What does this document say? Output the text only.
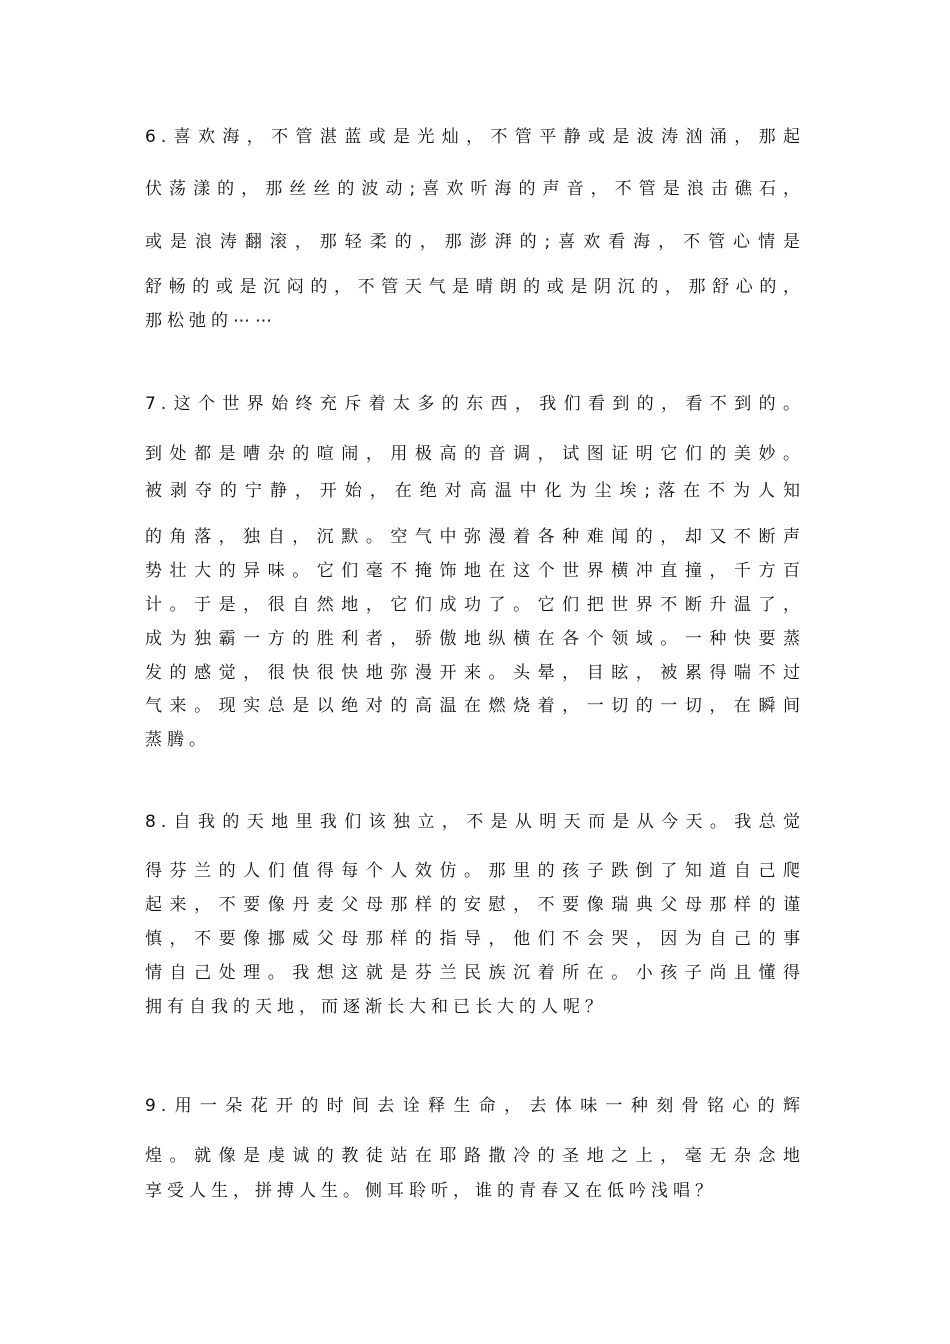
6.喜欢海，不管湛蓝或是光灿，不管平静或是波涛汹涌，那起
伏荡漾的，那丝丝的波动;喜欢听海的声音，不管是浪击礁石，
或是浪涛翻滚，那轻柔的，那澎湃的;喜欢看海，不管心情是
舒畅的或是沉闷的，不管天气是晴朗的或是阴沉的，那舒心的，
那松弛的⋯⋯
7.这个世界始终充斥着太多的东西，我们看到的，看不到的。
到处都是嘈杂的喧闹，用极高的音调，试图证明它们的美妙。
被剥夺的宁静，开始，在绝对高温中化为尘埃;落在不为人知
的角落，独自，沉默。空气中弥漫着各种难闻的，却又不断声
势壮大的异味。它们毫不掩饰地在这个世界横冲直撞，千方百
计。于是，很自然地，它们成功了。它们把世界不断升温了，
成为独霸一方的胜利者，骄傲地纵横在各个领域。一种快要蒸
发的感觉，很快很快地弥漫开来。头晕，目眩，被累得喘不过
气来。现实总是以绝对的高温在燃烧着，一切的一切，在瞬间
蒸腾。
8.自我的天地里我们该独立，不是从明天而是从今天。我总觉
得芬兰的人们值得每个人效仿。那里的孩子跌倒了知道自己爬
起来，不要像丹麦父母那样的安慰，不要像瑞典父母那样的谨
慎，不要像挪威父母那样的指导，他们不会哭，因为自己的事
情自己处理。我想这就是芬兰民族沉着所在。小孩子尚且懂得
拥有自我的天地，而逐渐长大和已长大的人呢？
9.用一朵花开的时间去诠释生命，去体味一种刻骨铭心的辉
煌。就像是虔诚的教徒站在耶路撒冷的圣地之上，毫无杂念地
享受人生，拼搏人生。侧耳聆听，谁的青春又在低吟浅唱？
